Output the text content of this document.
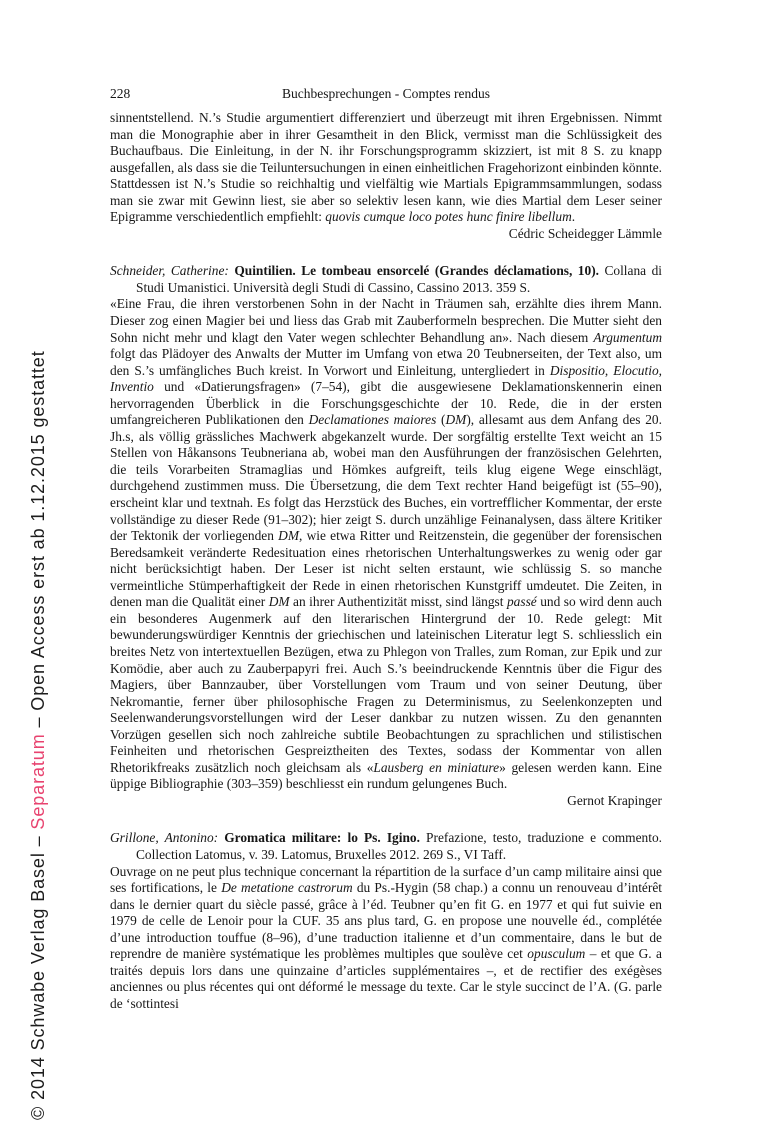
© 2014 Schwabe Verlag Basel – Separatum – Open Access erst ab 1.12.2015 gestattet
228	Buchbesprechungen - Comptes rendus

sinnentstellend. N.’s Studie argumentiert differenziert und überzeugt mit ihren Ergebnissen. Nimmt man die Monographie aber in ihrer Gesamtheit in den Blick, vermisst man die Schlüssigkeit des Buchaufbaus. Die Einleitung, in der N. ihr Forschungsprogramm skizziert, ist mit 8 S. zu knapp ausgefallen, als dass sie die Teiluntersuchungen in einen einheitlichen Fragehorizont einbinden könnte. Stattdessen ist N.’s Studie so reichhaltig und vielfältig wie Martials Epigrammsammlungen, sodass man sie zwar mit Gewinn liest, sie aber so selektiv lesen kann, wie dies Martial dem Leser seiner Epigramme verschiedentlich empfiehlt: quovis cumque loco potes hunc finire libellum.

Cédric Scheidegger Lämmle

Schneider, Catherine: Quintilien. Le tombeau ensorcelé (Grandes déclamations, 10). Collana di Studi Umanistici. Università degli Studi di Cassino, Cassino 2013. 359 S.

«Eine Frau, die ihren verstorbenen Sohn in der Nacht in Träumen sah, erzählte dies ihrem Mann. Dieser zog einen Magier bei und liess das Grab mit Zauberformeln besprechen. Die Mutter sieht den Sohn nicht mehr und klagt den Vater wegen schlechter Behandlung an». Nach diesem Argumentum folgt das Plädoyer des Anwalts der Mutter im Umfang von etwa 20 Teubnerseiten, der Text also, um den S.’s umfängliches Buch kreist. In Vorwort und Einleitung, untergliedert in Dispositio, Elocutio, Inventio und «Datierungsfragen» (7–54), gibt die ausgewiesene Deklamationskennerin einen hervorragenden Überblick in die Forschungsgeschichte der 10. Rede, die in der ersten umfangreicheren Publikationen den Declamationes maiores (DM), allesamt aus dem Anfang des 20. Jh.s, als völlig grässliches Machwerk abgekanzelt wurde. Der sorgfältig erstellte Text weicht an 15 Stellen von Håkansons Teubneriana ab, wobei man den Ausführungen der französischen Gelehrten, die teils Vorarbeiten Stramaglias und Hömkes aufgreift, teils klug eigene Wege einschlägt, durchgehend zustimmen muss. Die Übersetzung, die dem Text rechter Hand beigefügt ist (55–90), erscheint klar und textnah. Es folgt das Herzstück des Buches, ein vortrefflicher Kommentar, der erste vollständige zu dieser Rede (91–302); hier zeigt S. durch unzählige Feinanalysen, dass ältere Kritiker der Tektonik der vorliegenden DM, wie etwa Ritter und Reitzenstein, die gegenüber der forensischen Beredsamkeit veränderte Redesituation eines rhetorischen Unterhaltungswerkes zu wenig oder gar nicht berücksichtigt haben. Der Leser ist nicht selten erstaunt, wie schlüssig S. so manche vermeintliche Stümperhaftigkeit der Rede in einen rhetorischen Kunstgriff umdeutet. Die Zeiten, in denen man die Qualität einer DM an ihrer Authentizität misst, sind längst passé und so wird denn auch ein besonderes Augenmerk auf den literarischen Hintergrund der 10. Rede gelegt: Mit bewunderungswürdiger Kenntnis der griechischen und lateinischen Literatur legt S. schliesslich ein breites Netz von intertextuellen Bezügen, etwa zu Phlegon von Tralles, zum Roman, zur Epik und zur Komödie, aber auch zu Zauberpapyri frei. Auch S.’s beeindruckende Kenntnis über die Figur des Magiers, über Bannzauber, über Vorstellungen vom Traum und von seiner Deutung, über Nekromantie, ferner über philosophische Fragen zu Determinismus, zu Seelenkonzepten und Seelenwanderungsvorstellungen wird der Leser dankbar zu nutzen wissen. Zu den genannten Vorzügen gesellen sich noch zahlreiche subtile Beobachtungen zu sprachlichen und stilistischen Feinheiten und rhetorischen Gespreiztheiten des Textes, sodass der Kommentar von allen Rhetorikfreaks zusätzlich noch gleichsam als «Lausberg en miniature» gelesen werden kann. Eine üppige Bibliographie (303–359) beschliesst ein rundum gelungenes Buch.

Gernot Krapinger

Grillone, Antonino: Gromatica militare: lo Ps. Igino. Prefazione, testo, traduzione e commento. Collection Latomus, v. 39. Latomus, Bruxelles 2012. 269 S., VI Taff.

Ouvrage on ne peut plus technique concernant la répartition de la surface d’un camp militaire ainsi que ses fortifications, le De metatione castrorum du Ps.-Hygin (58 chap.) a connu un renouveau d’intérêt dans le dernier quart du siècle passé, grâce à l’éd. Teubner qu’en fit G. en 1977 et qui fut suivie en 1979 de celle de Lenoir pour la CUF. 35 ans plus tard, G. en propose une nouvelle éd., complétée d’une introduction touffue (8–96), d’une traduction italienne et d’un commentaire, dans le but de reprendre de manière systématique les problèmes multiples que soulève cet opusculum – et que G. a traités depuis lors dans une quinzaine d’articles supplémentaires –, et de rectifier des exégèses anciennes ou plus récentes qui ont déformé le message du texte. Car le style succinct de l’A. (G. parle de ‘sottintesi
